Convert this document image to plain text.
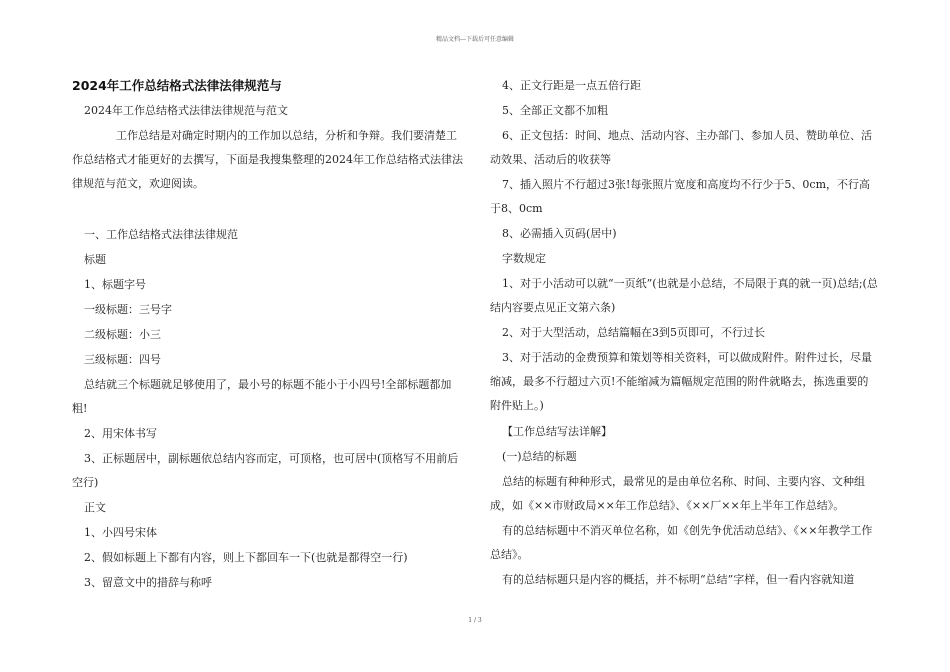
精品文档---下载后可任意编辑

2024年工作总结格式法律法律规范与

2024年工作总结格式法律法律规范与范文

工作总结是对确定时期内的工作加以总结，分析和争辩。我们要清楚工作总结格式才能更好的去撰写，下面是我搜集整理的2024年工作总结格式法律法律规范与范文，欢迎阅读。

一、工作总结格式法律法律规范

标题

1、标题字号

一级标题：三号字

二级标题：小三

三级标题：四号

总结就三个标题就足够使用了，最小号的标题不能小于小四号!全部标题都加粗!

2、用宋体书写

3、正标题居中，副标题依总结内容而定，可顶格，也可居中(顶格写不用前后空行)

正文

1、小四号宋体

2、假如标题上下都有内容，则上下都回车一下(也就是都得空一行)

3、留意文中的措辞与称呼

4、正文行距是一点五倍行距

5、全部正文都不加粗

6、正文包括：时间、地点、活动内容、主办部门、参加人员、赞助单位、活动效果、活动后的收获等

7、插入照片不行超过3张!每张照片宽度和高度均不行少于5、0cm，不行高于8、0cm

8、必需插入页码(居中)

字数规定

1、对于小活动可以就“一页纸”(也就是小总结，不局限于真的就一页)总结;(总结内容要点见正文第六条)

2、对于大型活动，总结篇幅在3到5页即可，不行过长

3、对于活动的金费预算和策划等相关资料，可以做成附件。附件过长，尽量缩减，最多不行超过六页!不能缩减为篇幅规定范围的附件就略去，拣选重要的附件贴上。)

【工作总结写法详解】

(一)总结的标题

总结的标题有种种形式，最常见的是由单位名称、时间、主要内容、文种组成，如《××市财政局××年工作总结》、《××厂××年上半年工作总结》。

有的总结标题中不消灭单位名称，如《创先争优活动总结》、《××年教学工作总结》。

有的总结标题只是内容的概括，并不标明“总结”字样，但一看内容就知道

1 / 3
